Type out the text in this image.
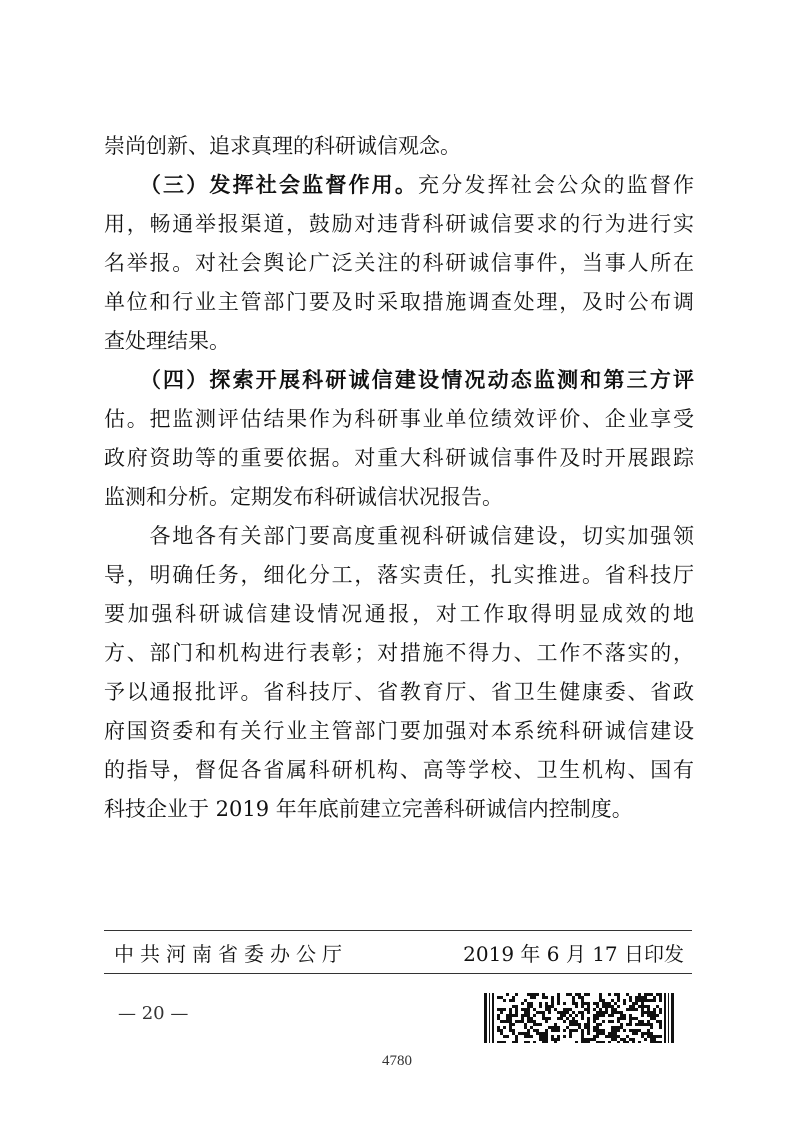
崇尚创新、追求真理的科研诚信观念。
　　（三）发挥社会监督作用。充分发挥社会公众的监督作
用，畅通举报渠道，鼓励对违背科研诚信要求的行为进行实
名举报。对社会舆论广泛关注的科研诚信事件，当事人所在
单位和行业主管部门要及时采取措施调查处理，及时公布调
查处理结果。
　　（四）探索开展科研诚信建设情况动态监测和第三方评
估。把监测评估结果作为科研事业单位绩效评价、企业享受
政府资助等的重要依据。对重大科研诚信事件及时开展跟踪
监测和分析。定期发布科研诚信状况报告。
　　各地各有关部门要高度重视科研诚信建设，切实加强领
导，明确任务，细化分工，落实责任，扎实推进。省科技厅
要加强科研诚信建设情况通报，对工作取得明显成效的地
方、部门和机构进行表彰；对措施不得力、工作不落实的，
予以通报批评。省科技厅、省教育厅、省卫生健康委、省政
府国资委和有关行业主管部门要加强对本系统科研诚信建设
的指导，督促各省属科研机构、高等学校、卫生机构、国有
科技企业于 2019 年年底前建立完善科研诚信内控制度。
中共河南省委办公厅	2019 年 6 月 17 日印发
— 20 —
4780
